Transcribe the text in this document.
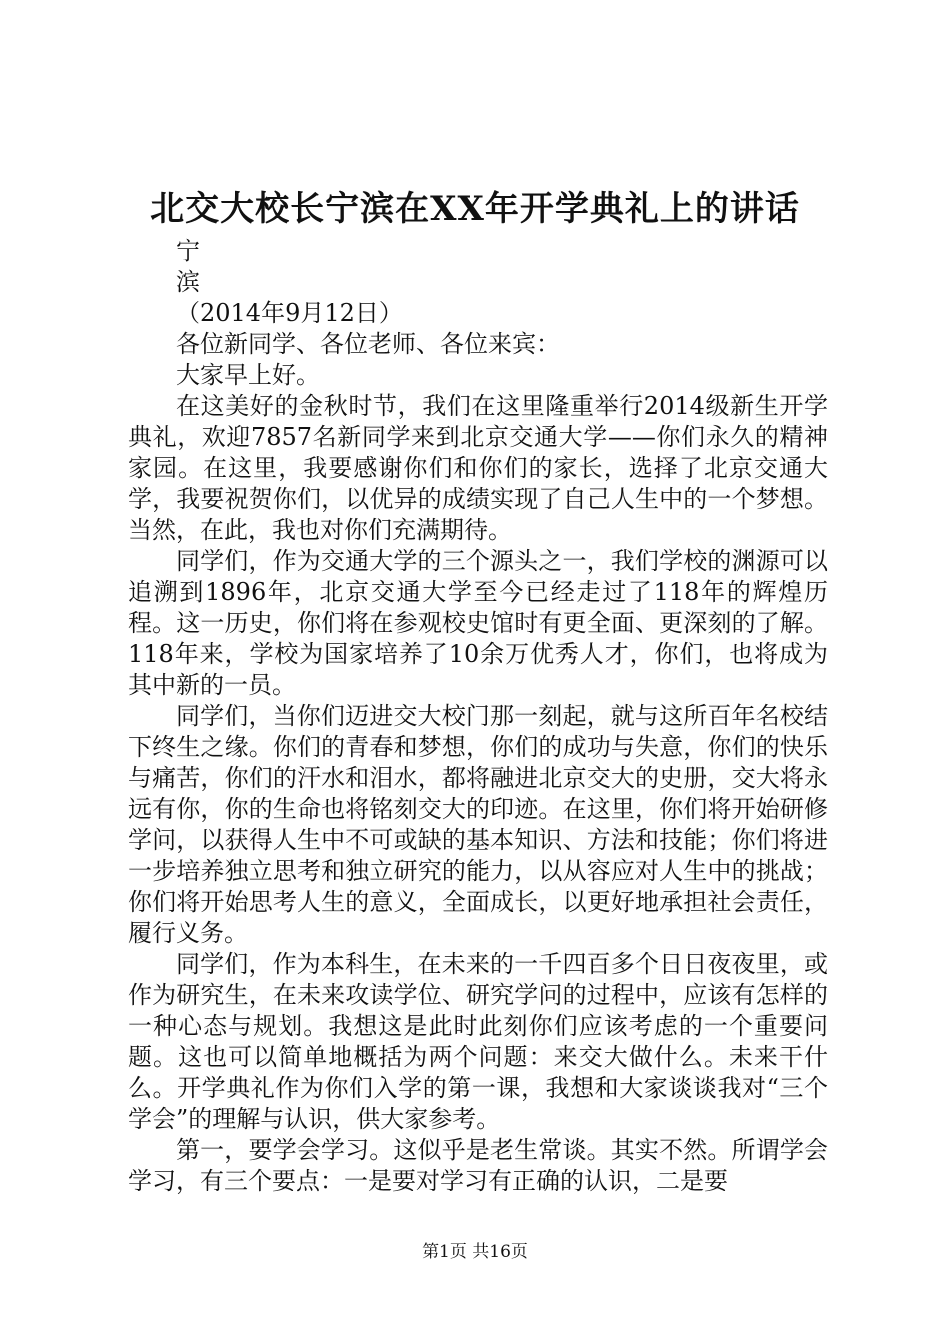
北交大校长宁滨在XX年开学典礼上的讲话

宁

滨

（2014年9月12日）

各位新同学、各位老师、各位来宾：

大家早上好。

在这美好的金秋时节，我们在这里隆重举行2014级新生开学典礼，欢迎7857名新同学来到北京交通大学——你们永久的精神家园。在这里，我要感谢你们和你们的家长，选择了北京交通大学，我要祝贺你们，以优异的成绩实现了自己人生中的一个梦想。当然，在此，我也对你们充满期待。

同学们，作为交通大学的三个源头之一，我们学校的渊源可以追溯到1896年，北京交通大学至今已经走过了118年的辉煌历程。这一历史，你们将在参观校史馆时有更全面、更深刻的了解。118年来，学校为国家培养了10余万优秀人才，你们，也将成为其中新的一员。

同学们，当你们迈进交大校门那一刻起，就与这所百年名校结下终生之缘。你们的青春和梦想，你们的成功与失意，你们的快乐与痛苦，你们的汗水和泪水，都将融进北京交大的史册，交大将永远有你，你的生命也将铭刻交大的印迹。在这里，你们将开始研修学问，以获得人生中不可或缺的基本知识、方法和技能；你们将进一步培养独立思考和独立研究的能力，以从容应对人生中的挑战；你们将开始思考人生的意义，全面成长，以更好地承担社会责任，履行义务。

同学们，作为本科生，在未来的一千四百多个日日夜夜里，或作为研究生，在未来攻读学位、研究学问的过程中，应该有怎样的一种心态与规划。我想这是此时此刻你们应该考虑的一个重要问题。这也可以简单地概括为两个问题：来交大做什么。未来干什么。开学典礼作为你们入学的第一课，我想和大家谈谈我对“三个学会”的理解与认识，供大家参考。

第一，要学会学习。这似乎是老生常谈。其实不然。所谓学会学习，有三个要点：一是要对学习有正确的认识，二是要

第1页 共16页
